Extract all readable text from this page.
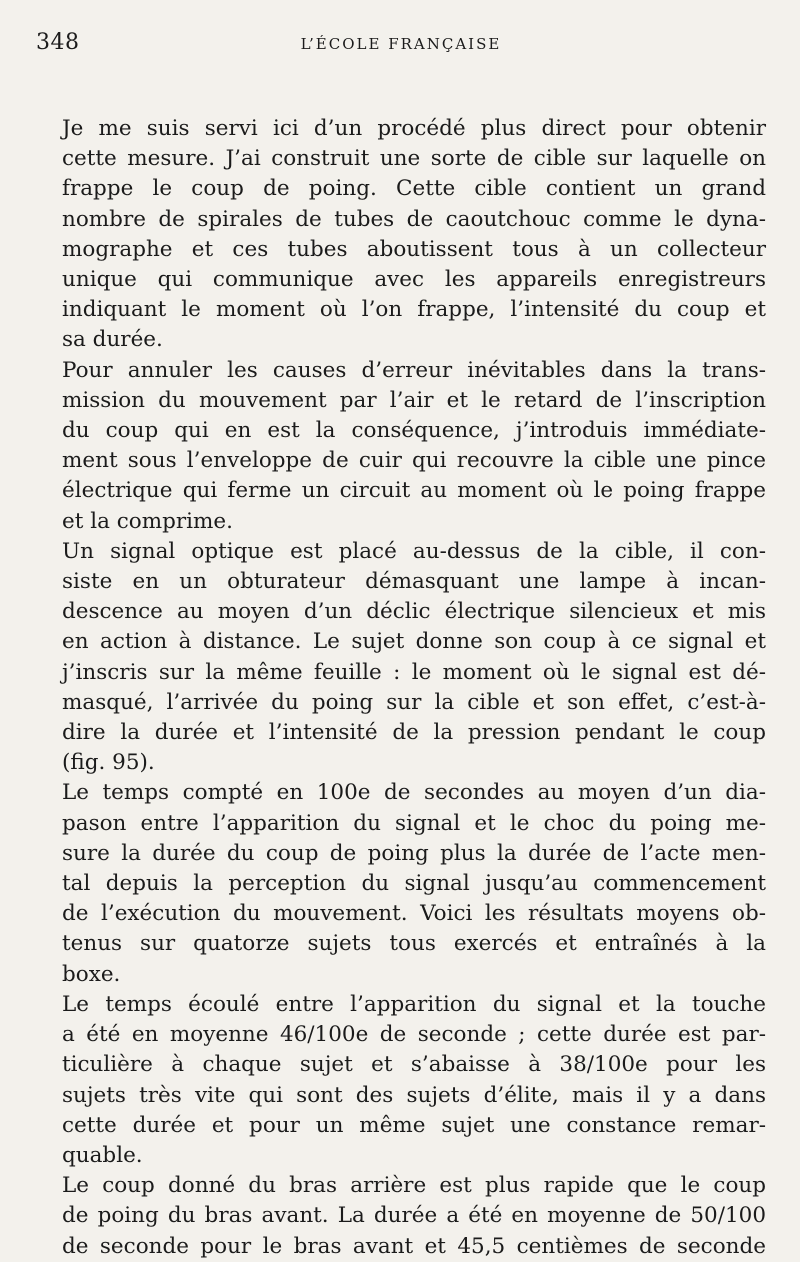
348	L’ÉCOLE FRANÇAISE

Je me suis servi ici d’un procédé plus direct pour obtenir
cette mesure. J’ai construit une sorte de cible sur laquelle on
frappe le coup de poing. Cette cible contient un grand
nombre de spirales de tubes de caoutchouc comme le dyna-
mographe et ces tubes aboutissent tous à un collecteur
unique qui communique avec les appareils enregistreurs
indiquant le moment où l’on frappe, l’intensité du coup et
sa durée.

Pour annuler les causes d’erreur inévitables dans la trans-
mission du mouvement par l’air et le retard de l’inscription
du coup qui en est la conséquence, j’introduis immédiate-
ment sous l’enveloppe de cuir qui recouvre la cible une pince
électrique qui ferme un circuit au moment où le poing frappe
et la comprime.

Un signal optique est placé au-dessus de la cible, il con-
siste en un obturateur démasquant une lampe à incan-
descence au moyen d’un déclic électrique silencieux et mis
en action à distance. Le sujet donne son coup à ce signal et
j’inscris sur la même feuille : le moment où le signal est dé-
masqué, l’arrivée du poing sur la cible et son effet, c’est-à-
dire la durée et l’intensité de la pression pendant le coup
(fig. 95).

Le temps compté en 100e de secondes au moyen d’un dia-
pason entre l’apparition du signal et le choc du poing me-
sure la durée du coup de poing plus la durée de l’acte men-
tal depuis la perception du signal jusqu’au commencement
de l’exécution du mouvement. Voici les résultats moyens ob-
tenus sur quatorze sujets tous exercés et entraînés à la
boxe.

Le temps écoulé entre l’apparition du signal et la touche
a été en moyenne 46/100e de seconde ; cette durée est par-
ticulière à chaque sujet et s’abaisse à 38/100e pour les
sujets très vite qui sont des sujets d’élite, mais il y a dans
cette durée et pour un même sujet une constance remar-
quable.

Le coup donné du bras arrière est plus rapide que le coup
de poing du bras avant. La durée a été en moyenne de 50/100
de seconde pour le bras avant et 45,5 centièmes de seconde
